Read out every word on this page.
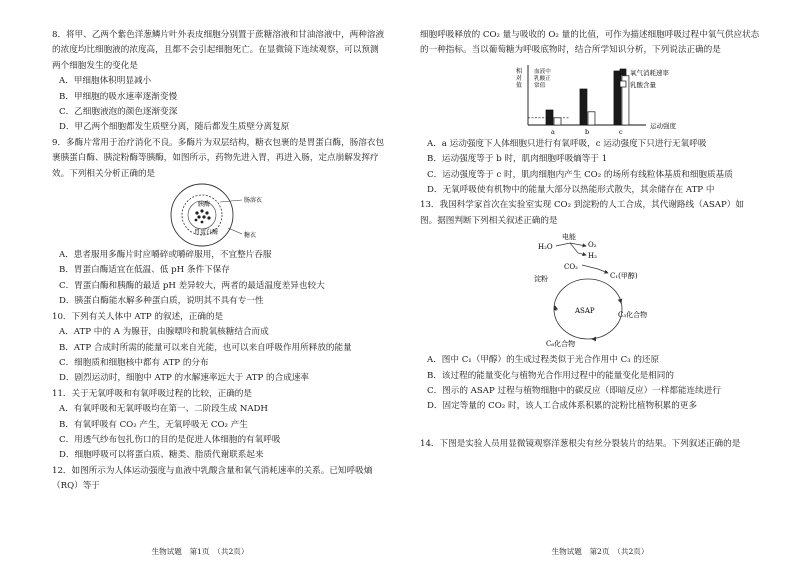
8．将甲、乙两个紫色洋葱鳞片叶外表皮细胞分别置于蔗糖溶液和甘油溶液中，两种溶液的浓度均比细胞液的浓度高，且都不会引起细胞死亡。在显微镜下连续观察，可以预测两个细胞发生的变化是

A．甲细胞体积明显减小

B．甲细胞的吸水速率逐渐变慢

C．乙细胞液泡的颜色逐渐变深

D．甲乙两个细胞都发生质壁分离，随后都发生质壁分离复原

9．多酶片常用于治疗消化不良。多酶片为双层结构，糖衣包裹的是胃蛋白酶，肠溶衣包裹胰蛋白酶、胰淀粉酶等胰酶，如图所示，药物先进入胃，再进入肠，定点崩解发挥疗效。下列相关分析正确的是

胰酶
胃蛋白酶
肠溶衣
糖衣

A．患者服用多酶片时应嚼碎或嚼碎服用，不宜整片吞服

B．胃蛋白酶适宜在低温、低 pH 条件下保存

C．胃蛋白酶和胰酶的最适 pH 差异较大，两者的最适温度差异也较大

D．胰蛋白酶能水解多种蛋白质，说明其不具有专一性

10．下列有关人体中 ATP 的叙述，正确的是

A．ATP 中的 A 为腺苷，由腺嘌呤和脱氧核糖结合而成

B．ATP 合成时所需的能量可以来自光能，也可以来自呼吸作用所释放的能量

C．细胞质和细胞核中都有 ATP 的分布

D．剧烈运动时，细胞中 ATP 的水解速率远大于 ATP 的合成速率

11．关于无氧呼吸和有氧呼吸过程的比较，正确的是

A．有氧呼吸和无氧呼吸均在第一、二阶段生成 NADH

B．有氧呼吸有 CO₂ 产生，无氧呼吸无 CO₂ 产生

C．用透气纱布包扎伤口的目的是促进人体细胞的有氧呼吸

D．细胞呼吸可以将蛋白质、糖类、脂质代谢联系起来

12．如图所示为人体运动强度与血液中乳酸含量和氧气消耗速率的关系。已知呼吸熵（RQ）等于

生物试题　第1页　（共2页）

细胞呼吸释放的 CO₂ 量与吸收的 O₂ 量的比值，可作为描述细胞呼吸过程中氧气供应状态的一种指标。当以葡萄糖为呼吸底物时，结合所学知识分析，下列说法正确的是

相
对
值
运动强度
血液中
乳酸正
常值
a	b	c
氧气消耗速率
乳酸含量

A．a 运动强度下人体细胞只进行有氧呼吸，c 运动强度下只进行无氧呼吸

B．运动强度等于 b 时，肌肉细胞呼吸熵等于 1

C．运动强度等于 c 时，肌肉细胞内产生 CO₂ 的场所有线粒体基质和细胞质基质

D．无氧呼吸使有机物中的能量大部分以热能形式散失，其余储存在 ATP 中

13．我国科学家首次在实验室实现 CO₂ 到淀粉的人工合成，其代谢路线（ASAP）如图。据图判断下列相关叙述正确的是

电能
H₂O	O₂
H₂
CO₂
C₁(甲醇)
ASAP	C₃化合物
C₆化合物
淀粉

A．图中 C₁（甲醇）的生成过程类似于光合作用中 C₃ 的还原

B．该过程的能量变化与植物光合作用过程中的能量变化是相同的

C．图示的 ASAP 过程与植物细胞中的碳反应（即暗反应）一样都能连续进行

D．固定等量的 CO₂ 时，该人工合成体系积累的淀粉比植物积累的更多

14．下图是实验人员用显微镜观察洋葱根尖有丝分裂装片的结果。下列叙述正确的是

生物试题　第2页　（共2页）
